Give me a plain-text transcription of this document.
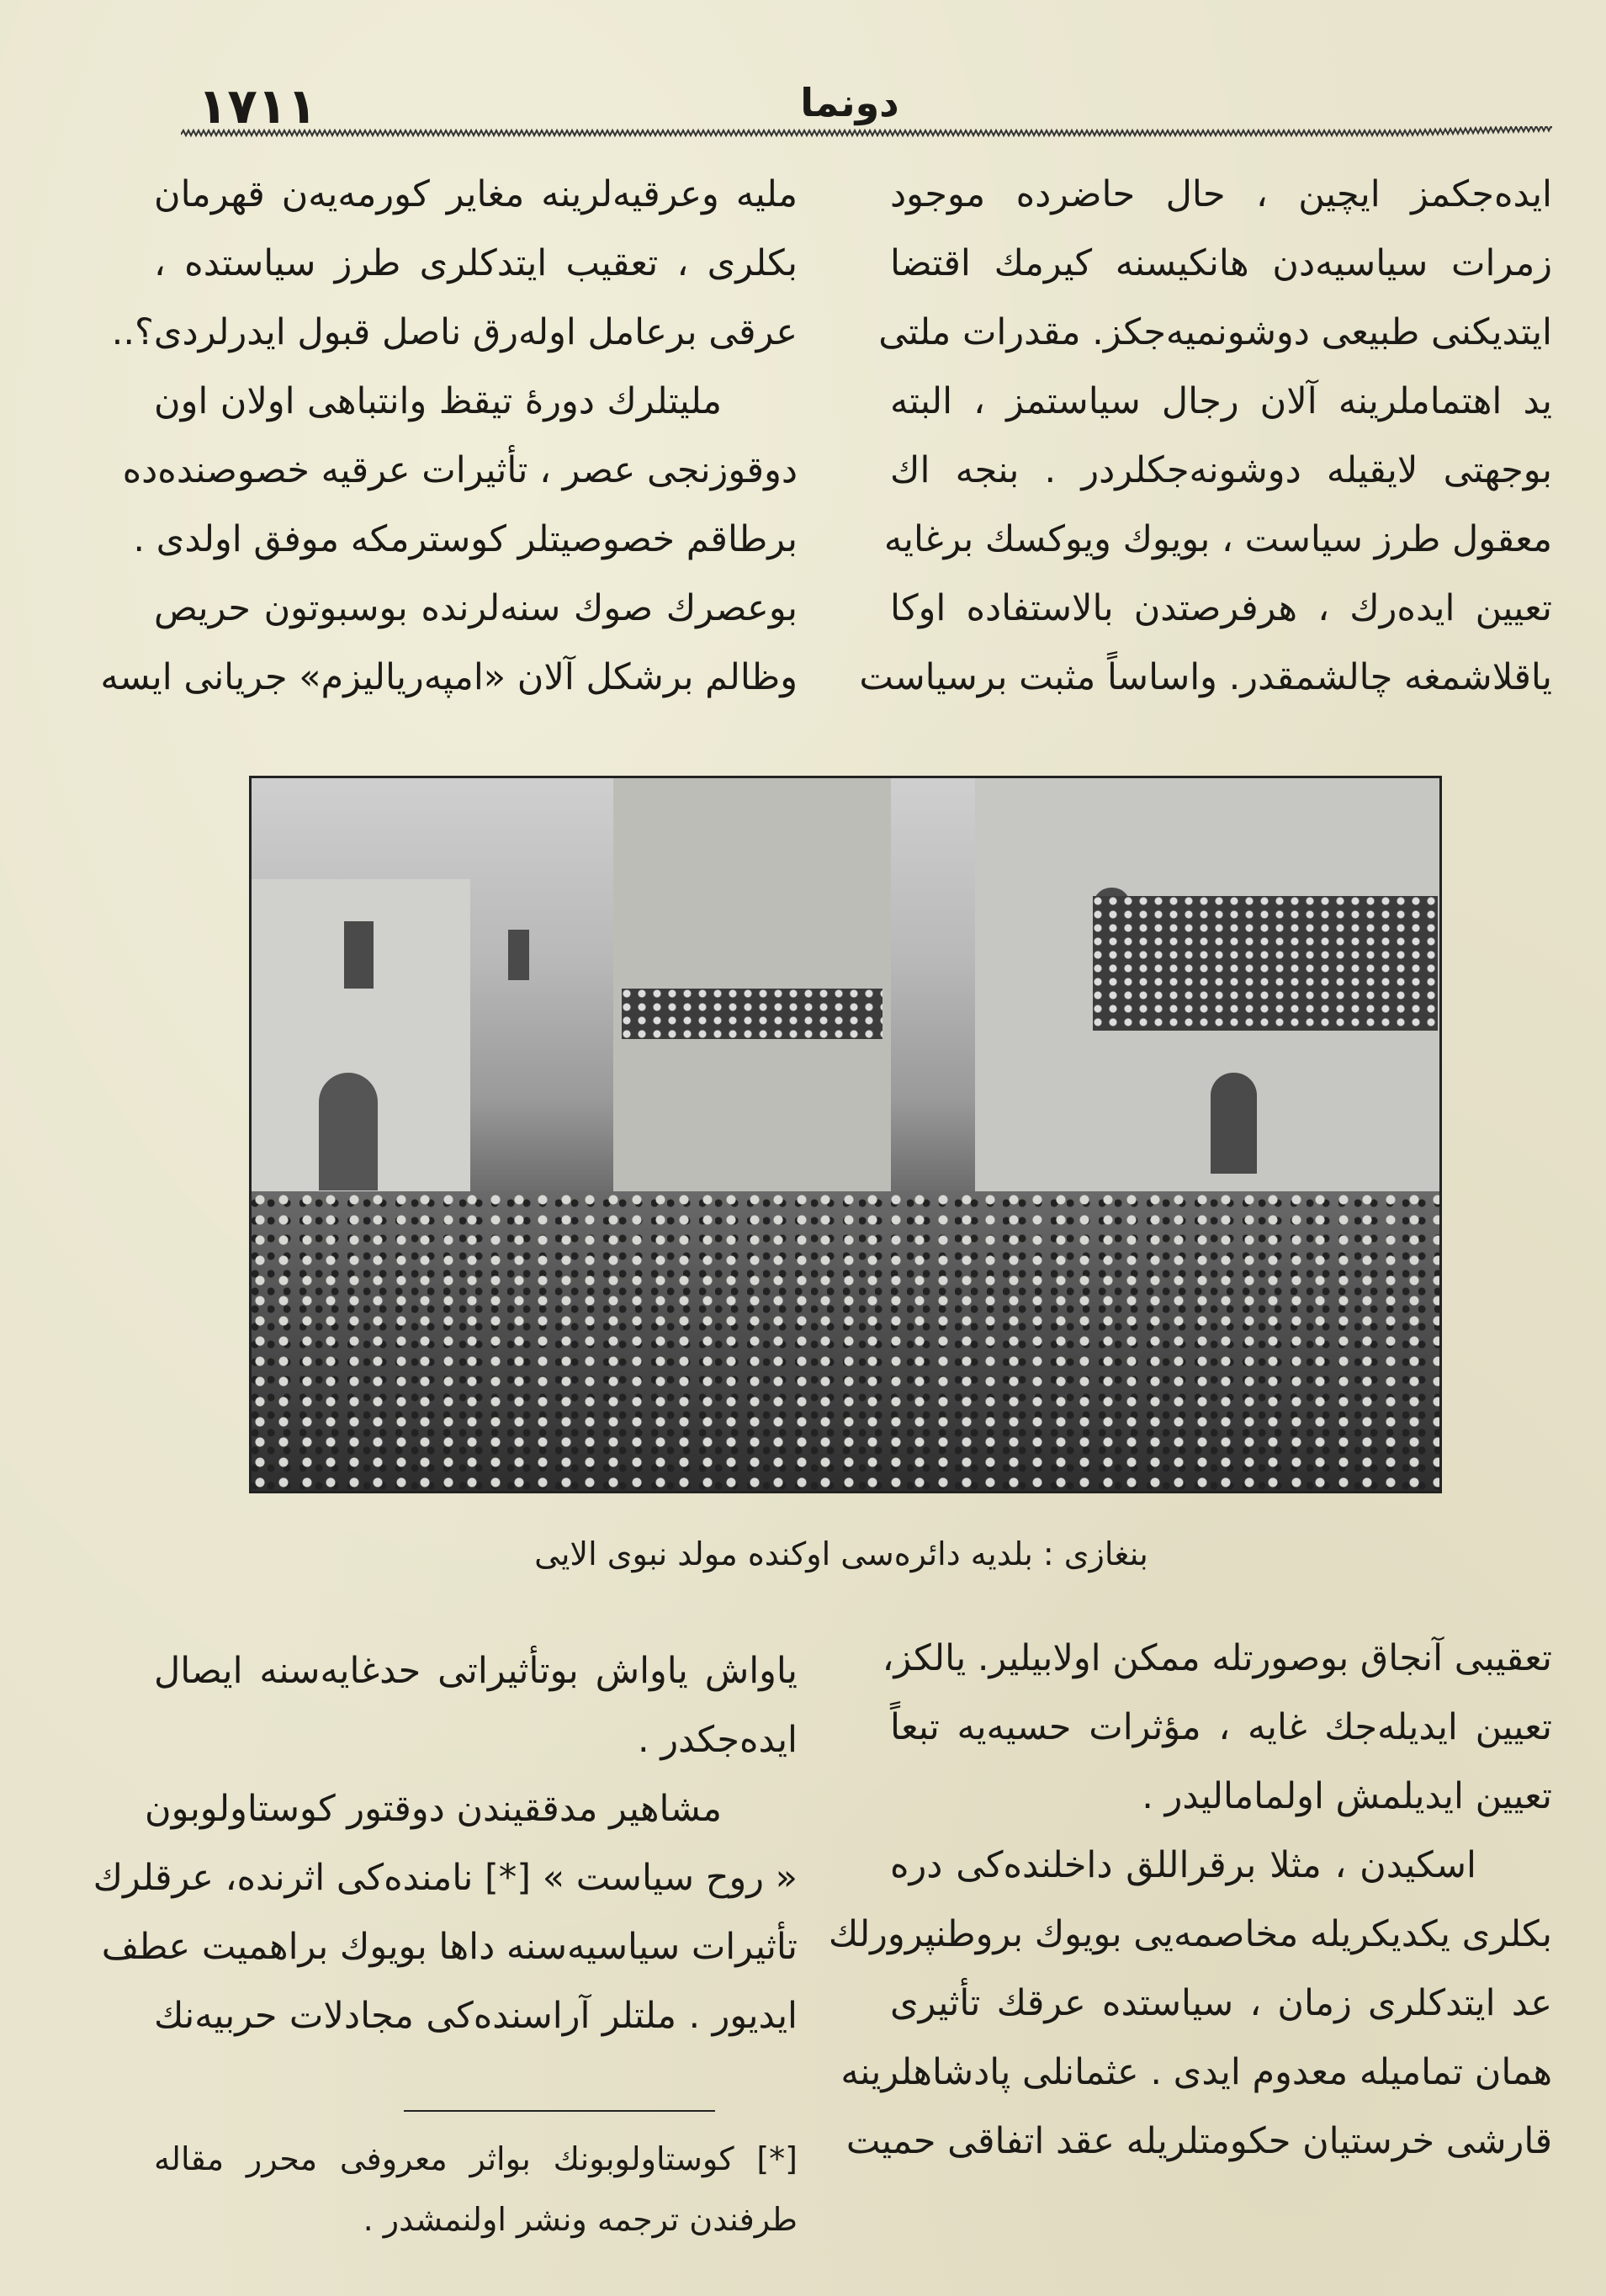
١٧١١	دونما
ایده‌جکمز ایچین ، حال حاضرده موجود
زمرات سیاسیه‌دن هانکیسنه کیرمك اقتضا
ایتدیکنی طبیعی دوشونمیه‌جکز. مقدرات ملتی
ید اهتماملرینه آلان رجال سیاستمز ، البته
بوجهتی لایقیله دوشونه‌جکلردر . بنجه اك
معقول طرز سیاست ، بویوك ویوکسك برغایه
تعیین ایده‌رك ، هرفرصتدن بالاستفاده اوکا
یاقلاشمغه چالشمقدر. واساساً مثبت برسیاست
ملیه وعرقیه‌لرینه مغایر کورمه‌یه‌ن قهرمان
بکلری ، تعقیب ایتدکلری طرز سیاستده ،
عرقی برعامل اوله‌رق ناصل قبول ایدرلردی؟..
ملیتلرك دورهٔ تیقظ وانتباهی اولان اون
دوقوزنجی عصر ، تأثیرات عرقیه خصوصنده‌ده
برطاقم خصوصیتلر کوسترمکه موفق اولدی .
بوعصرك صوك سنه‌لرنده بوسبوتون حریص
وظالم برشکل آلان «امپه‌ریالیزم» جریانی ایسه
بنغازی : بلدیه دائره‌سی اوکنده مولد نبوی الایی
تعقیبی آنجاق بوصورتله ممکن اولابیلیر. یالکز،
تعیین ایدیله‌جك غایه ، مؤثرات حسیه‌یه تبعاً
تعیین ایدیلمش اولمامالیدر .
اسکیدن ، مثلا برقراللق داخلنده‌کی دره‌
بکلری یکدیکریله مخاصمه‌یی بویوك بروطنپرورلك
عد ایتدکلری زمان ، سیاستده عرقك تأثیری
همان تمامیله معدوم ایدی . عثمانلی پادشاهلرینه
قارشی خرستیان حکومتلریله عقد اتفاقی حمیت
یاواش یاواش بوتأثیراتی حدغایه‌سنه ایصال
ایده‌جکدر .
مشاهیر مدققیندن دوقتور کوستاولوبون
« روح سیاست » [*] نامنده‌کی اثرنده، عرقلرك
تأثیرات سیاسیه‌سنه داها بویوك براهمیت عطف
ایدیور . ملتلر آراسنده‌کی مجادلات حربیه‌نك
[*] کوستاولوبونك بواثر معروفی محرر مقاله
طرفندن ترجمه ونشر اولنمشدر .
